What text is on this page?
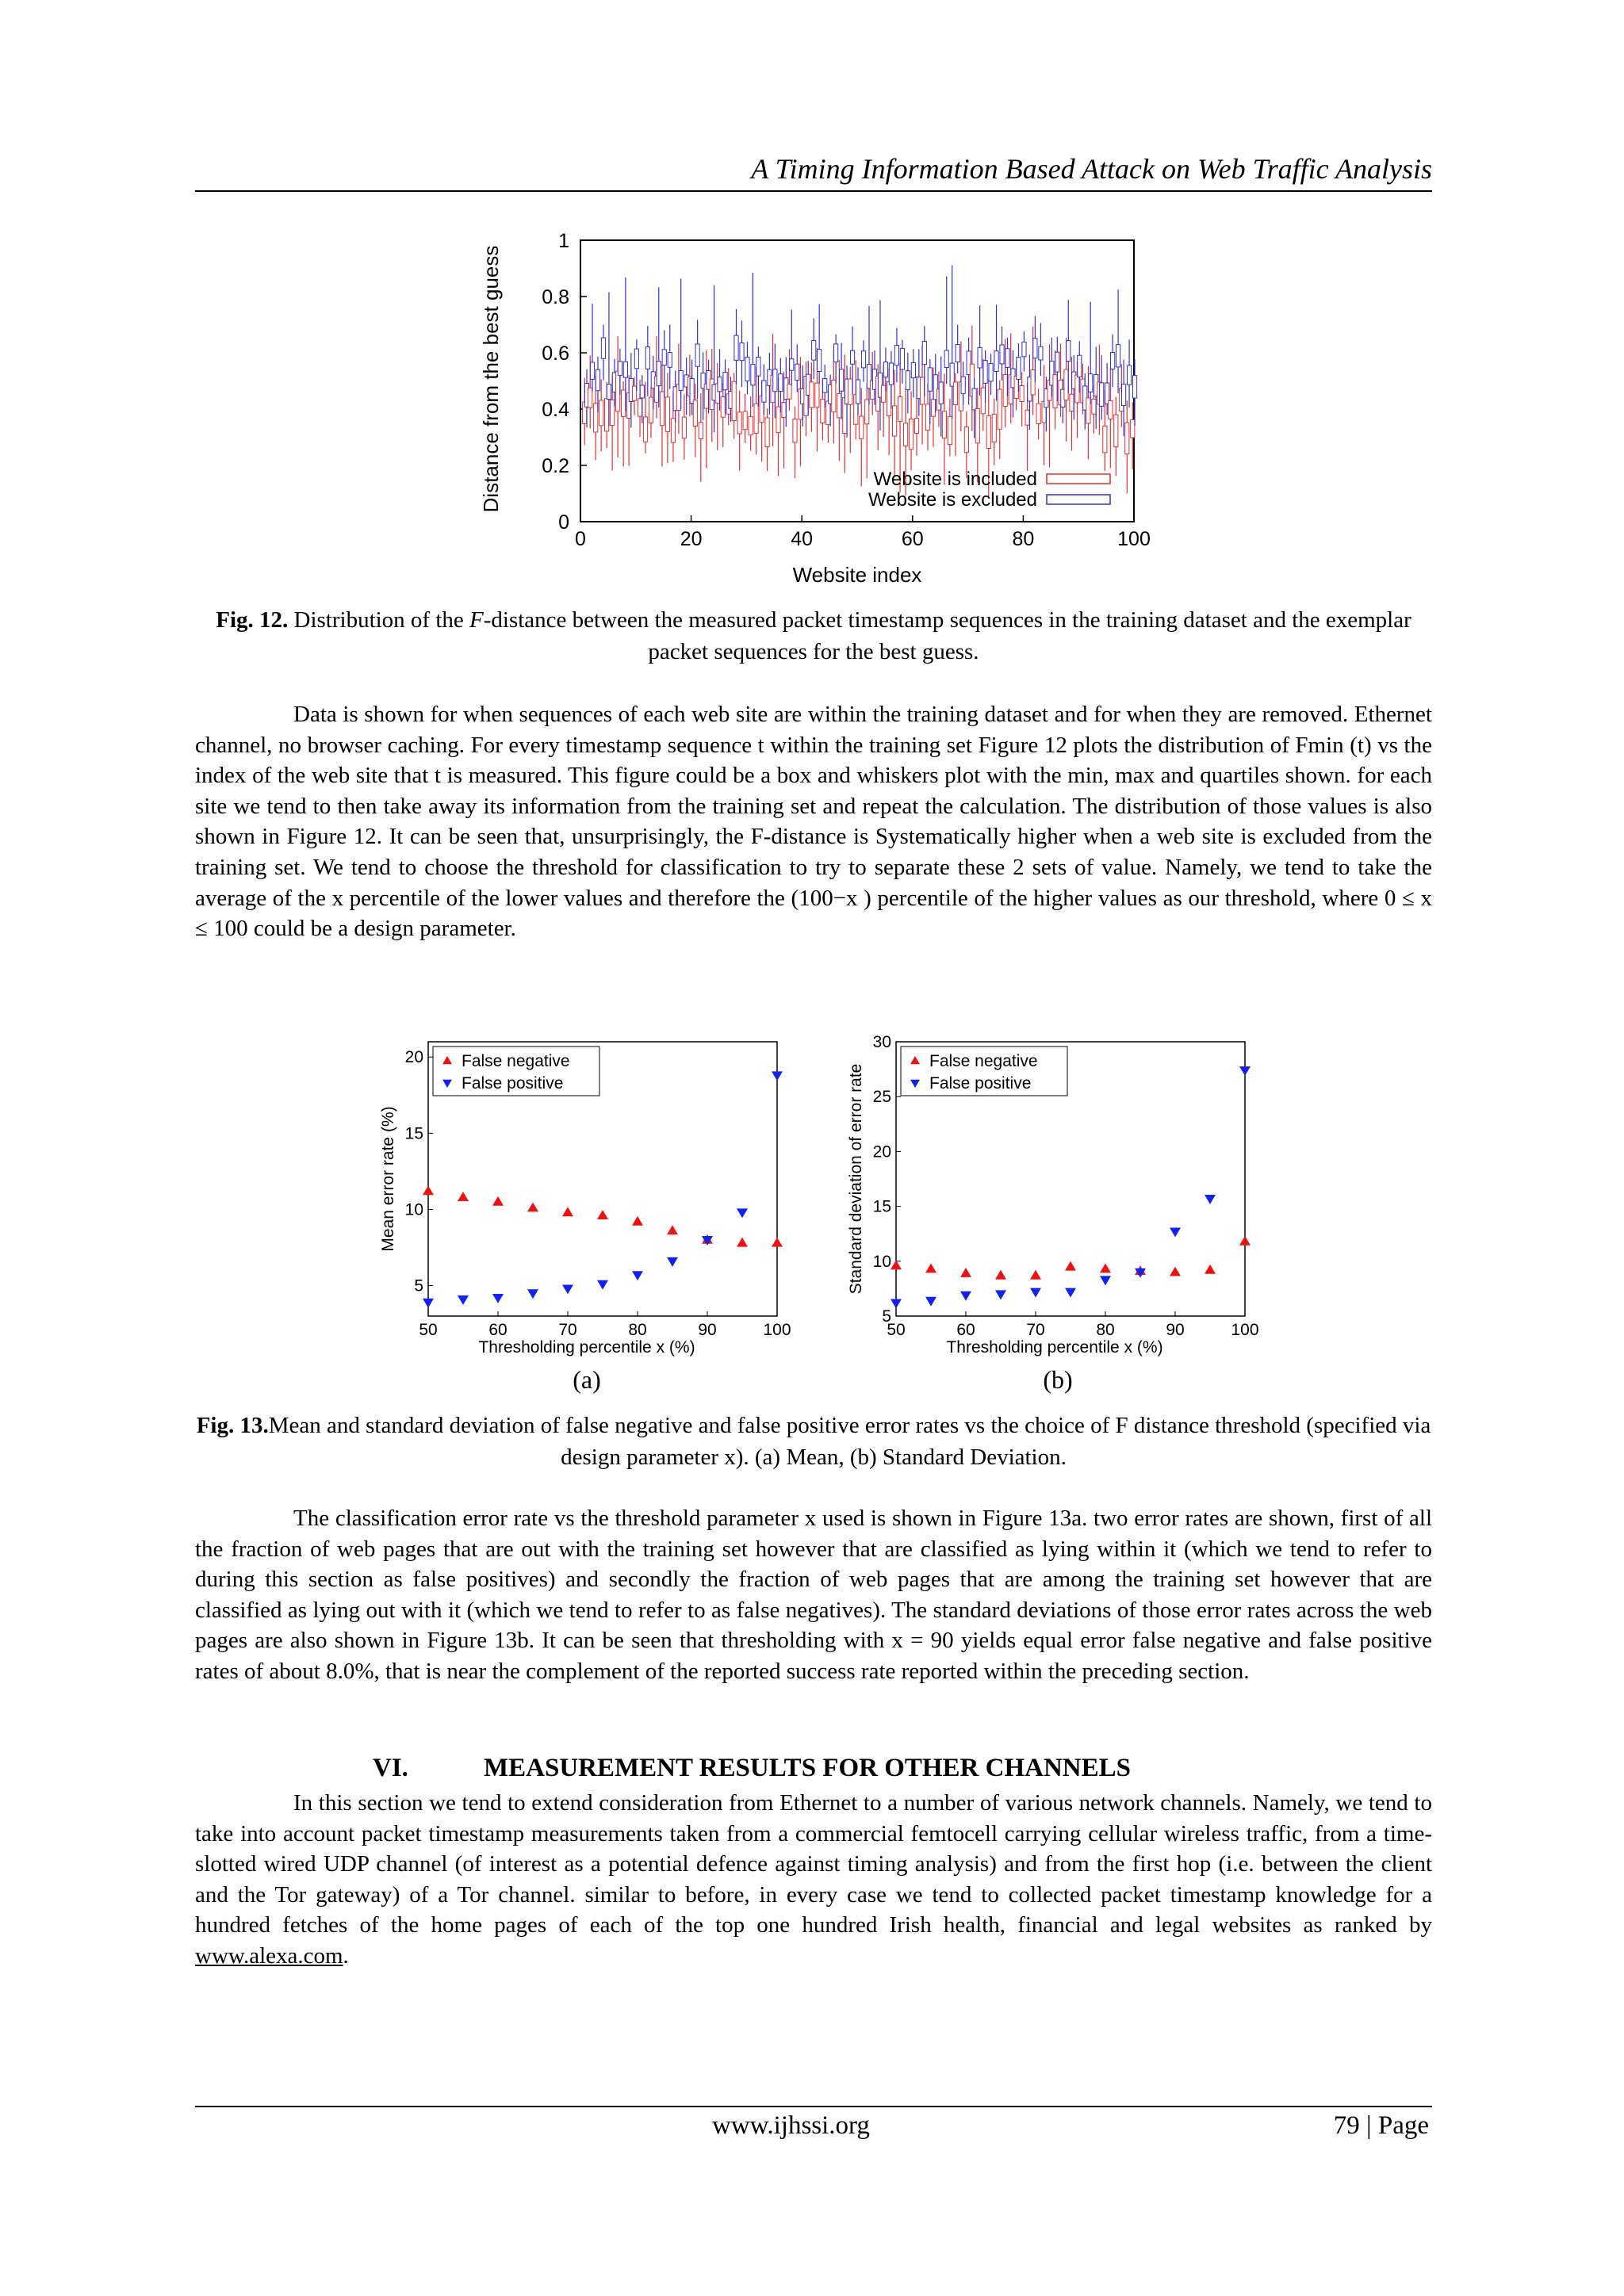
A Timing Information Based Attack on Web Traffic Analysis
Distance from the best guess
Website index
0	20	40	60	80	100
0
0.2
0.4
0.6
0.8
1
Website is included
Website is excluded
Fig. 12. Distribution of the F-distance between the measured packet timestamp sequences in the training dataset and the exemplar packet sequences for the best guess.

Data is shown for when sequences of each web site are within the training dataset and for when they are removed. Ethernet channel, no browser caching. For every timestamp sequence t within the training set Figure 12 plots the distribution of Fmin (t) vs the index of the web site that t is measured. This figure could be a box and whiskers plot with the min, max and quartiles shown. for each site we tend to then take away its information from the training set and repeat the calculation. The distribution of those values is also shown in Figure 12. It can be seen that, unsurprisingly, the F-distance is Systematically higher when a web site is excluded from the training set. We tend to choose the threshold for classification to try to separate these 2 sets of value. Namely, we tend to take the average of the x percentile of the lower values and therefore the (100−x ) percentile of the higher values as our threshold, where 0 ≤ x ≤ 100 could be a design parameter.

50	60	70	80	90	100
5
10
15
20
Thresholding percentile x (%)
Mean error rate (%)
False negative
False positive
50	60	70	80	90	100
5
10
15
20
25
30
Thresholding percentile x (%)
Standard deviation of error rate
False negative
False positive
(a)	(b)
Fig. 13.Mean and standard deviation of false negative and false positive error rates vs the choice of F distance threshold (specified via design parameter x). (a) Mean, (b) Standard Deviation.

The classification error rate vs the threshold parameter x used is shown in Figure 13a. two error rates are shown, first of all the fraction of web pages that are out with the training set however that are classified as lying within it (which we tend to refer to during this section as false positives) and secondly the fraction of web pages that are among the training set however that are classified as lying out with it (which we tend to refer to as false negatives). The standard deviations of those error rates across the web pages are also shown in Figure 13b. It can be seen that thresholding with x = 90 yields equal error false negative and false positive rates of about 8.0%, that is near the complement of the reported success rate reported within the preceding section.

VI.	MEASUREMENT RESULTS FOR OTHER CHANNELS

In this section we tend to extend consideration from Ethernet to a number of various network channels. Namely, we tend to take into account packet timestamp measurements taken from a commercial femtocell carrying cellular wireless traffic, from a time-slotted wired UDP channel (of interest as a potential defence against timing analysis) and from the first hop (i.e. between the client and the Tor gateway) of a Tor channel. similar to before, in every case we tend to collected packet timestamp knowledge for a hundred fetches of the home pages of each of the top one hundred Irish health, financial and legal websites as ranked by www.alexa.com.

www.ijhssi.org	79 | Page
